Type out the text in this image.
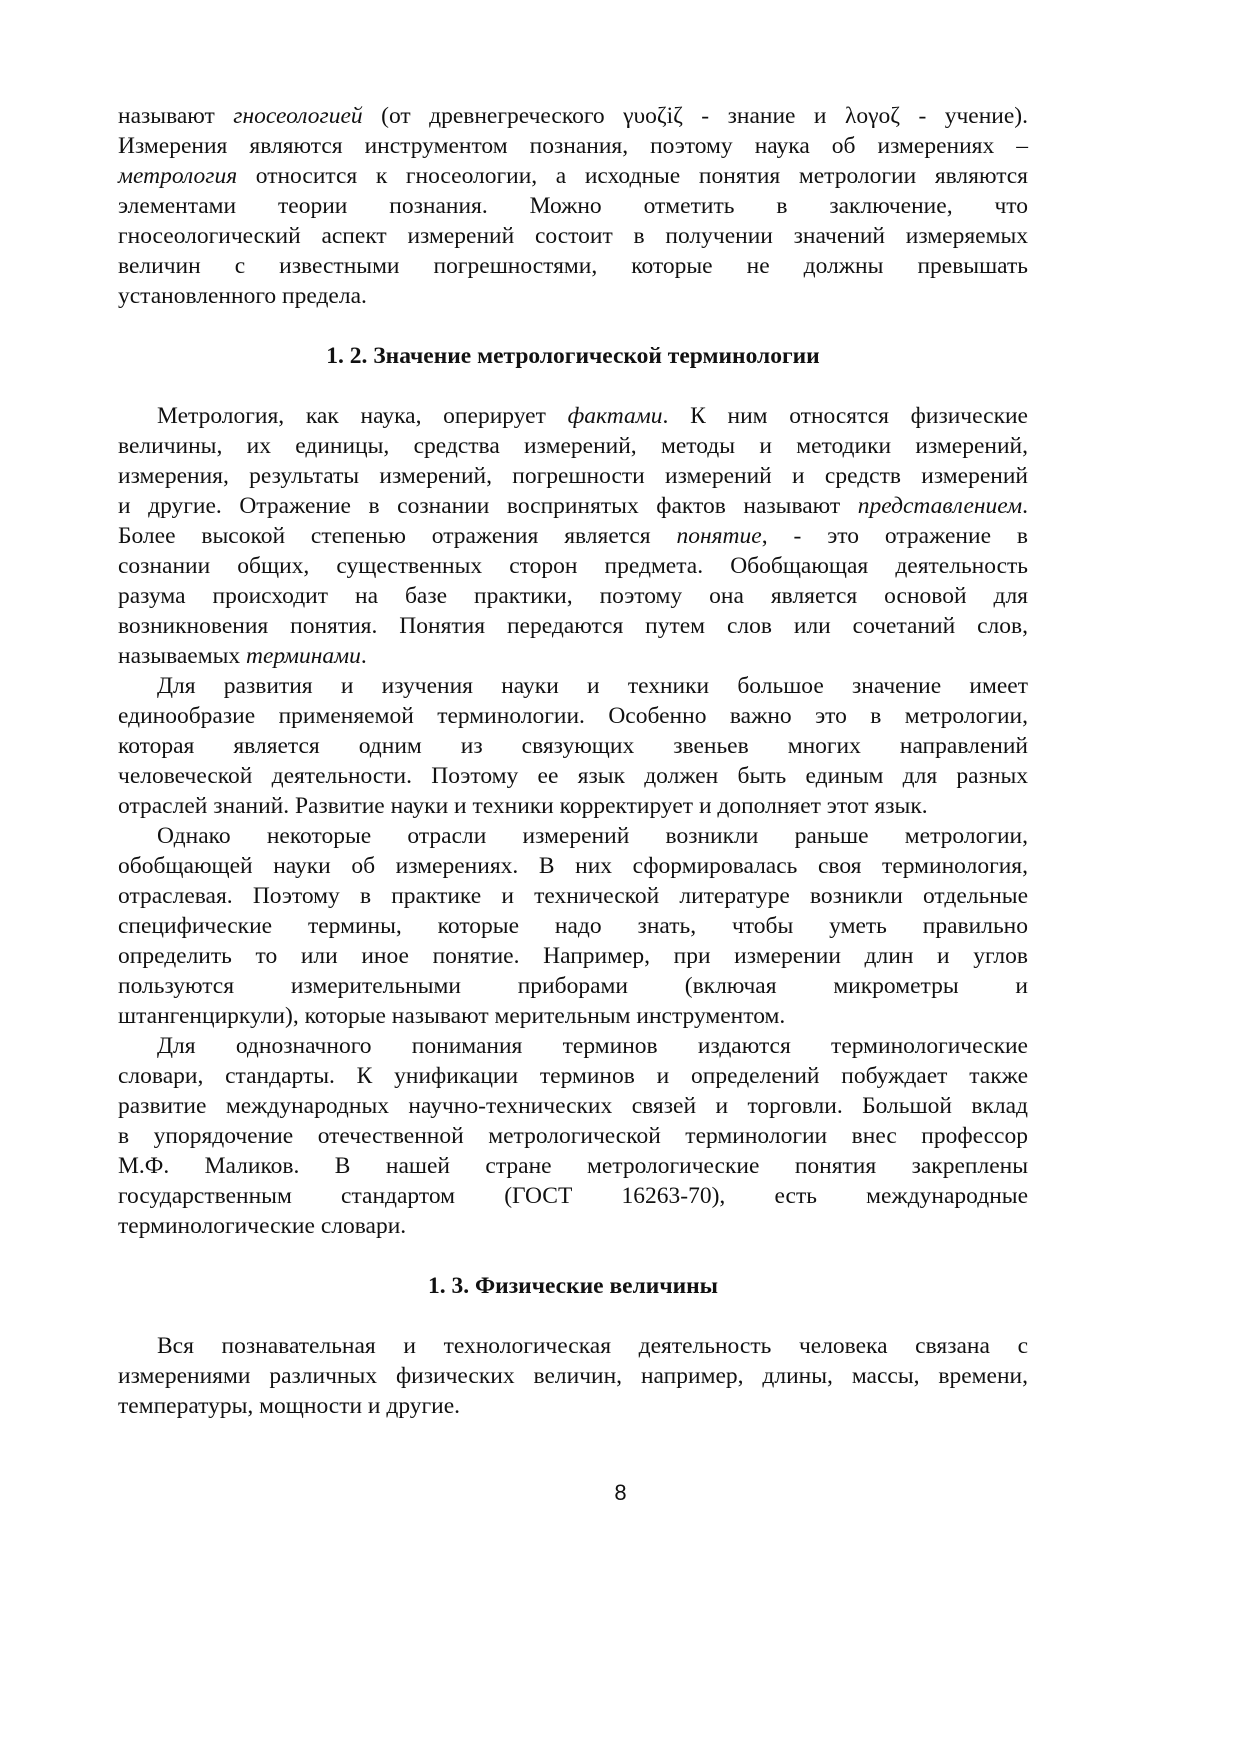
называют гносеологией (от древнегреческого γυοζiζ - знание и λογοζ - учение).
Измерения являются инструментом познания, поэтому наука об измерениях –
метрология относится к гносеологии, а исходные понятия метрологии являются
элементами теории познания. Можно отметить в заключение, что
гносеологический аспект измерений состоит в получении значений измеряемых
величин с известными погрешностями, которые не должны превышать
установленного предела.
1. 2. Значение метрологической терминологии
Метрология, как наука, оперирует фактами. К ним относятся физические
величины, их единицы, средства измерений, методы и методики измерений,
измерения, результаты измерений, погрешности измерений и средств измерений
и другие. Отражение в сознании воспринятых фактов называют представлением.
Более высокой степенью отражения является понятие, - это отражение в
сознании общих, существенных сторон предмета. Обобщающая деятельность
разума происходит на базе практики, поэтому она является основой для
возникновения понятия. Понятия передаются путем слов или сочетаний слов,
называемых терминами.
Для развития и изучения науки и техники большое значение имеет
единообразие применяемой терминологии. Особенно важно это в метрологии,
которая является одним из связующих звеньев многих направлений
человеческой деятельности. Поэтому ее язык должен быть единым для разных
отраслей знаний. Развитие науки и техники корректирует и дополняет этот язык.
Однако некоторые отрасли измерений возникли раньше метрологии,
обобщающей науки об измерениях. В них сформировалась своя терминология,
отраслевая. Поэтому в практике и технической литературе возникли отдельные
специфические термины, которые надо знать, чтобы уметь правильно
определить то или иное понятие. Например, при измерении длин и углов
пользуются измерительными приборами (включая микрометры и
штангенциркули), которые называют мерительным инструментом.
Для однозначного понимания терминов издаются терминологические
словари, стандарты. К унификации терминов и определений побуждает также
развитие международных научно-технических связей и торговли. Большой вклад
в упорядочение отечественной метрологической терминологии внес профессор
М.Ф. Маликов. В нашей стране метрологические понятия закреплены
государственным стандартом (ГОСТ 16263-70), есть международные
терминологические словари.
1. 3. Физические величины
Вся познавательная и технологическая деятельность человека связана с
измерениями различных физических величин, например, длины, массы, времени,
температуры, мощности и другие.
8
